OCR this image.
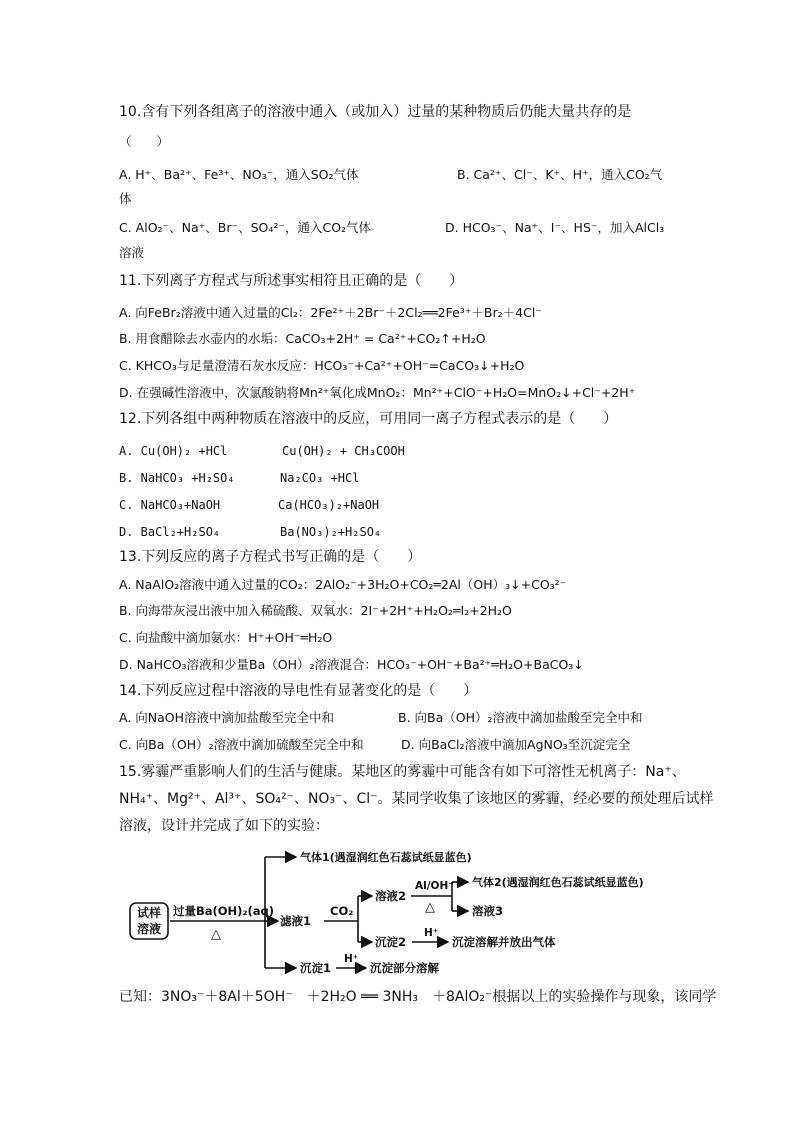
10.含有下列各组离子的溶液中通入（或加入）过量的某种物质后仍能大量共存的是
（　　）
A. H⁺、Ba²⁺、Fe³⁺、NO₃⁻，通入SO₂气体	B. Ca²⁺、Cl⁻、K⁺、H⁺，通入CO₂气
体
C. AlO₂⁻、Na⁺、Br⁻、SO₄²⁻，通入CO₂气体	D. HCO₃⁻、Na⁺、I⁻、HS⁻，加入AlCl₃
溶液
11.下列离子方程式与所述事实相符且正确的是（　　）
A. 向FeBr₂溶液中通入过量的Cl₂：2Fe²⁺＋2Br⁻＋2Cl₂══2Fe³⁺＋Br₂＋4Cl⁻
B. 用食醋除去水壶内的水垢：CaCO₃+2H⁺ = Ca²⁺+CO₂↑+H₂O
C. KHCO₃与足量澄清石灰水反应：HCO₃⁻+Ca²⁺+OH⁻=CaCO₃↓+H₂O
D. 在强碱性溶液中，次氯酸钠将Mn²⁺氧化成MnO₂：Mn²⁺+ClO⁻+H₂O=MnO₂↓+Cl⁻+2H⁺
12.下列各组中两种物质在溶液中的反应，可用同一离子方程式表示的是（　　）
A. Cu(OH)₂ +HCl	Cu(OH)₂ + CH₃COOH
B. NaHCO₃ +H₂SO₄	Na₂CO₃ +HCl
C. NaHCO₃+NaOH	Ca(HCO₃)₂+NaOH
D. BaCl₂+H₂SO₄	Ba(NO₃)₂+H₂SO₄
13.下列反应的离子方程式书写正确的是（　　）
A. NaAlO₂溶液中通入过量的CO₂：2AlO₂⁻+3H₂O+CO₂═2Al（OH）₃↓+CO₃²⁻
B. 向海带灰浸出液中加入稀硫酸、双氧水：2I⁻+2H⁺+H₂O₂═I₂+2H₂O
C. 向盐酸中滴加氨水：H⁺+OH⁻═H₂O
D. NaHCO₃溶液和少量Ba（OH）₂溶液混合：HCO₃⁻+OH⁻+Ba²⁺═H₂O+BaCO₃↓
14.下列反应过程中溶液的导电性有显著变化的是（　　）
A. 向NaOH溶液中滴加盐酸至完全中和	B. 向Ba（OH）₂溶液中滴加盐酸至完全中和
C. 向Ba（OH）₂溶液中滴加硫酸至完全中和	D. 向BaCl₂溶液中滴加AgNO₃至沉淀完全
15.雾霾严重影响人们的生活与健康。某地区的雾霾中可能含有如下可溶性无机离子：Na⁺、
NH₄⁺、Mg²⁺、Al³⁺、SO₄²⁻、NO₃⁻、Cl⁻。某同学收集了该地区的雾霾，经必要的预处理后试样
溶液，设计并完成了如下的实验：
试样
溶液
过量Ba(OH)₂(aq)
△
气体1(遇湿润红色石蕊试纸显蓝色)
滤液1
CO₂
溶液2
沉淀2
Al/OH⁻
△
气体2(遇湿润红色石蕊试纸显蓝色)
溶液3
H⁺
沉淀溶解并放出气体
沉淀1
H⁺
沉淀部分溶解
已知：3NO₃⁻＋8Al＋5OH⁻　＋2H₂O ══ 3NH₃　＋8AlO₂⁻根据以上的实验操作与现象，该同学
